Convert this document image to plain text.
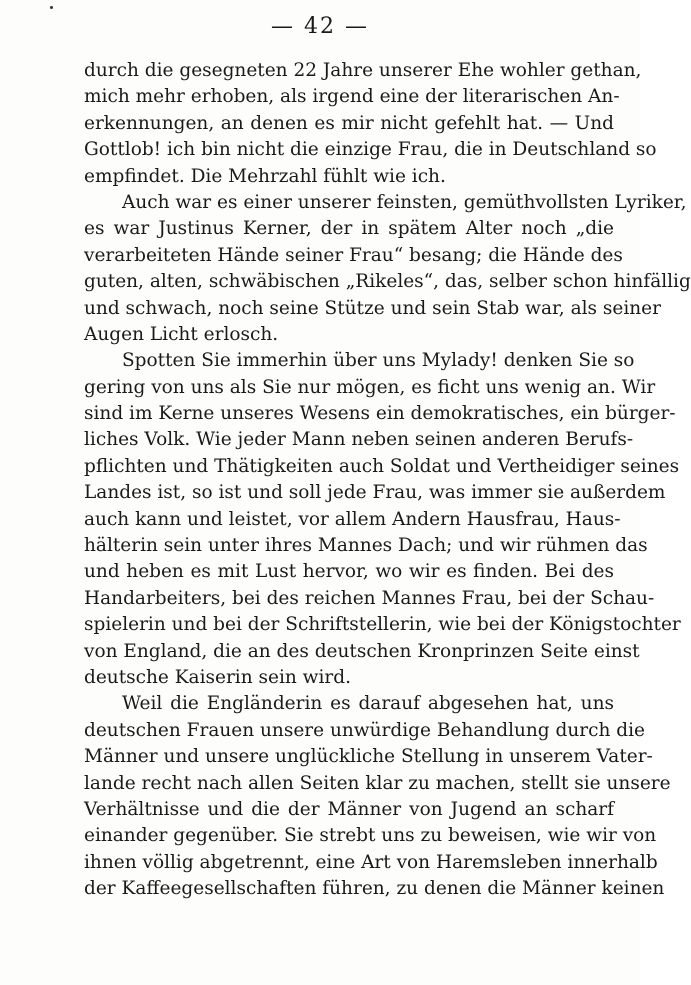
— 42 —
durch die gesegneten 22 Jahre unserer Ehe wohler gethan,
mich mehr erhoben, als irgend eine der literarischen An-
erkennungen, an denen es mir nicht gefehlt hat. — Und
Gottlob! ich bin nicht die einzige Frau, die in Deutschland so
empfindet. Die Mehrzahl fühlt wie ich.
Auch war es einer unserer feinsten, gemüthvollsten Lyriker,
es war Justinus Kerner, der in spätem Alter noch „die
verarbeiteten Hände seiner Frau“ besang; die Hände des
guten, alten, schwäbischen „Rikeles“, das, selber schon hinfällig
und schwach, noch seine Stütze und sein Stab war, als seiner
Augen Licht erlosch.
Spotten Sie immerhin über uns Mylady! denken Sie so
gering von uns als Sie nur mögen, es ficht uns wenig an. Wir
sind im Kerne unseres Wesens ein demokratisches, ein bürger-
liches Volk. Wie jeder Mann neben seinen anderen Berufs-
pflichten und Thätigkeiten auch Soldat und Vertheidiger seines
Landes ist, so ist und soll jede Frau, was immer sie außerdem
auch kann und leistet, vor allem Andern Hausfrau, Haus-
hälterin sein unter ihres Mannes Dach; und wir rühmen das
und heben es mit Lust hervor, wo wir es finden. Bei des
Handarbeiters, bei des reichen Mannes Frau, bei der Schau-
spielerin und bei der Schriftstellerin, wie bei der Königstochter
von England, die an des deutschen Kronprinzen Seite einst
deutsche Kaiserin sein wird.
Weil die Engländerin es darauf abgesehen hat, uns
deutschen Frauen unsere unwürdige Behandlung durch die
Männer und unsere unglückliche Stellung in unserem Vater-
lande recht nach allen Seiten klar zu machen, stellt sie unsere
Verhältnisse und die der Männer von Jugend an scharf
einander gegenüber. Sie strebt uns zu beweisen, wie wir von
ihnen völlig abgetrennt, eine Art von Haremsleben innerhalb
der Kaffeegesellschaften führen, zu denen die Männer keinen
